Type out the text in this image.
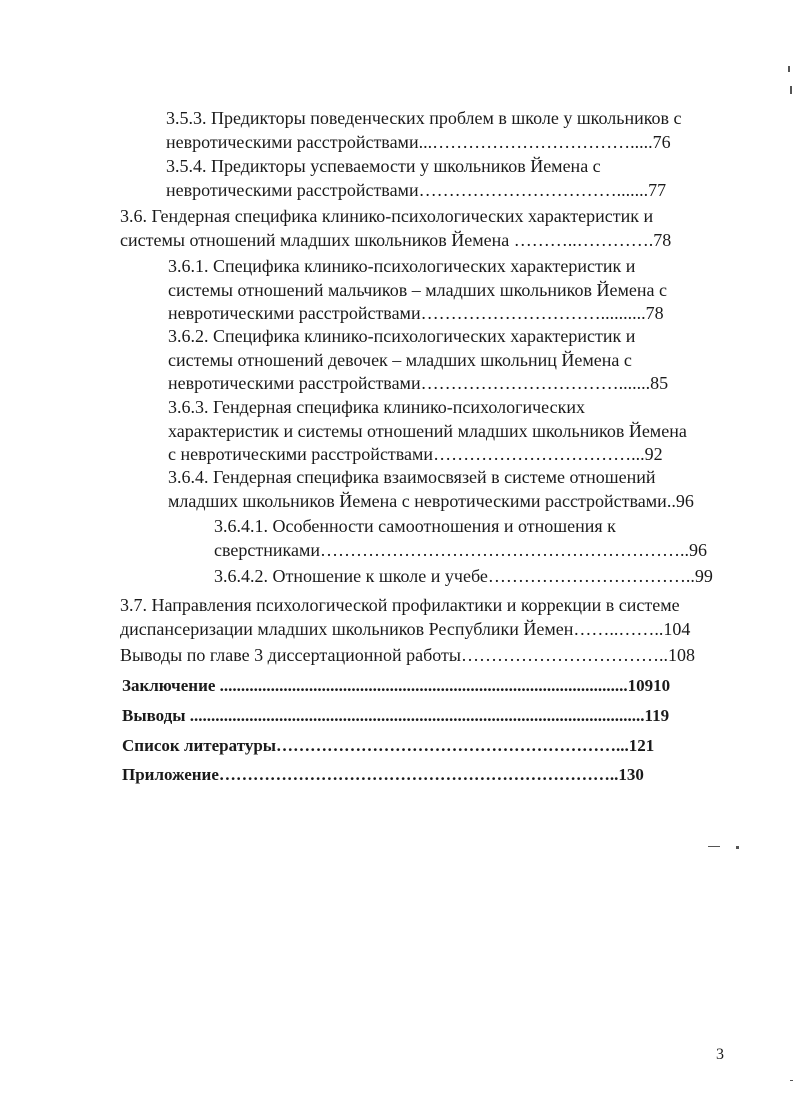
3.5.3. Предикторы поведенческих проблем в школе у школьников с
невротическими расстройствами...…………………………….....76
3.5.4. Предикторы успеваемости у школьников Йемена с
невротическими расстройствами…………………………….......77
3.6. Гендерная специфика клинико-психологических характеристик и
системы отношений младших школьников Йемена ………..………….78
3.6.1. Специфика клинико-психологических характеристик и
системы отношений мальчиков – младших школьников Йемена с
невротическими расстройствами…………………………..........78
3.6.2. Специфика клинико-психологических характеристик и
системы отношений девочек – младших школьниц Йемена с
невротическими расстройствами…………………………….......85
3.6.3. Гендерная специфика клинико-психологических
характеристик и системы отношений младших школьников Йемена
с невротическими расстройствами……………………………...92
3.6.4. Гендерная специфика взаимосвязей в системе отношений
младших школьников Йемена с невротическими расстройствами..96
3.6.4.1. Особенности самоотношения и отношения к
сверстниками……………………………………………………..96
3.6.4.2. Отношение к школе и учебе……………………………..99
3.7. Направления психологической профилактики и коррекции в системе
диспансеризации младших школьников Республики Йемен……..……..104
Выводы по главе 3 диссертационной работы……………………………..108
Заключение ................................................................................................10910
Выводы ...........................................................................................................119
Список литературы……………………………………………………...121
Приложение……………………………………………………………..130
3
